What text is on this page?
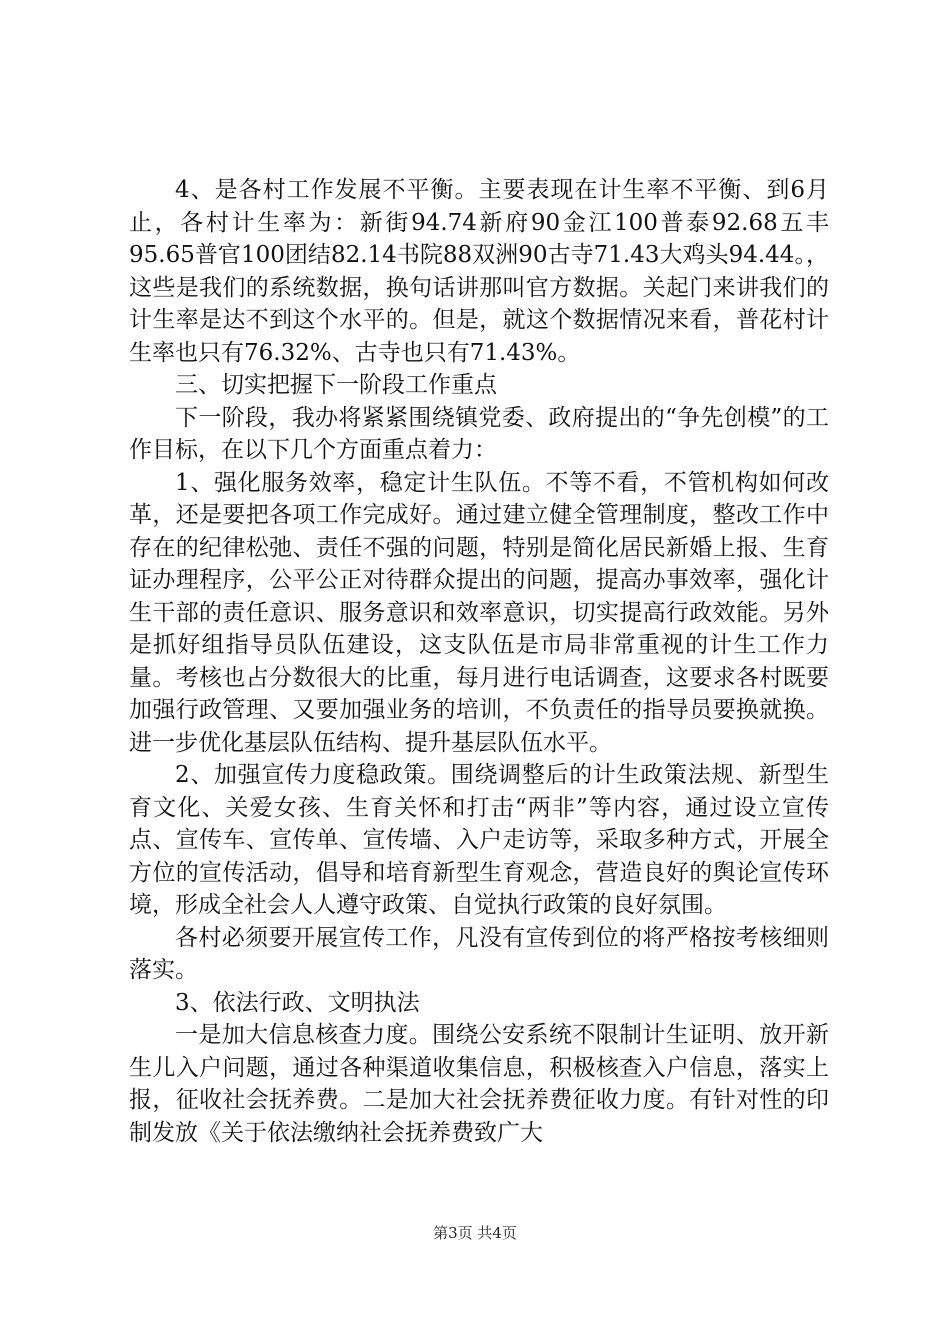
4、是各村工作发展不平衡。主要表现在计生率不平衡、到6月止，各村计生率为：新街94.74新府90金江100普泰92.68五丰95.65普官100团结82.14书院88双洲90古寺71.43大鸡头94.44。，这些是我们的系统数据，换句话讲那叫官方数据。关起门来讲我们的计生率是达不到这个水平的。但是，就这个数据情况来看，普花村计生率也只有76.32%、古寺也只有71.43%。

三、切实把握下一阶段工作重点

下一阶段，我办将紧紧围绕镇党委、政府提出的“争先创模”的工作目标，在以下几个方面重点着力：

1、强化服务效率，稳定计生队伍。不等不看，不管机构如何改革，还是要把各项工作完成好。通过建立健全管理制度，整改工作中存在的纪律松弛、责任不强的问题，特别是简化居民新婚上报、生育证办理程序，公平公正对待群众提出的问题，提高办事效率，强化计生干部的责任意识、服务意识和效率意识，切实提高行政效能。另外是抓好组指导员队伍建设，这支队伍是市局非常重视的计生工作力量。考核也占分数很大的比重，每月进行电话调查，这要求各村既要加强行政管理、又要加强业务的培训，不负责任的指导员要换就换。进一步优化基层队伍结构、提升基层队伍水平。

2、加强宣传力度稳政策。围绕调整后的计生政策法规、新型生育文化、关爱女孩、生育关怀和打击“两非”等内容，通过设立宣传点、宣传车、宣传单、宣传墙、入户走访等，采取多种方式，开展全方位的宣传活动，倡导和培育新型生育观念，营造良好的舆论宣传环境，形成全社会人人遵守政策、自觉执行政策的良好氛围。

各村必须要开展宣传工作，凡没有宣传到位的将严格按考核细则落实。

3、依法行政、文明执法

一是加大信息核查力度。围绕公安系统不限制计生证明、放开新生儿入户问题，通过各种渠道收集信息，积极核查入户信息，落实上报，征收社会抚养费。二是加大社会抚养费征收力度。有针对性的印制发放《关于依法缴纳社会抚养费致广大

第3页 共4页
